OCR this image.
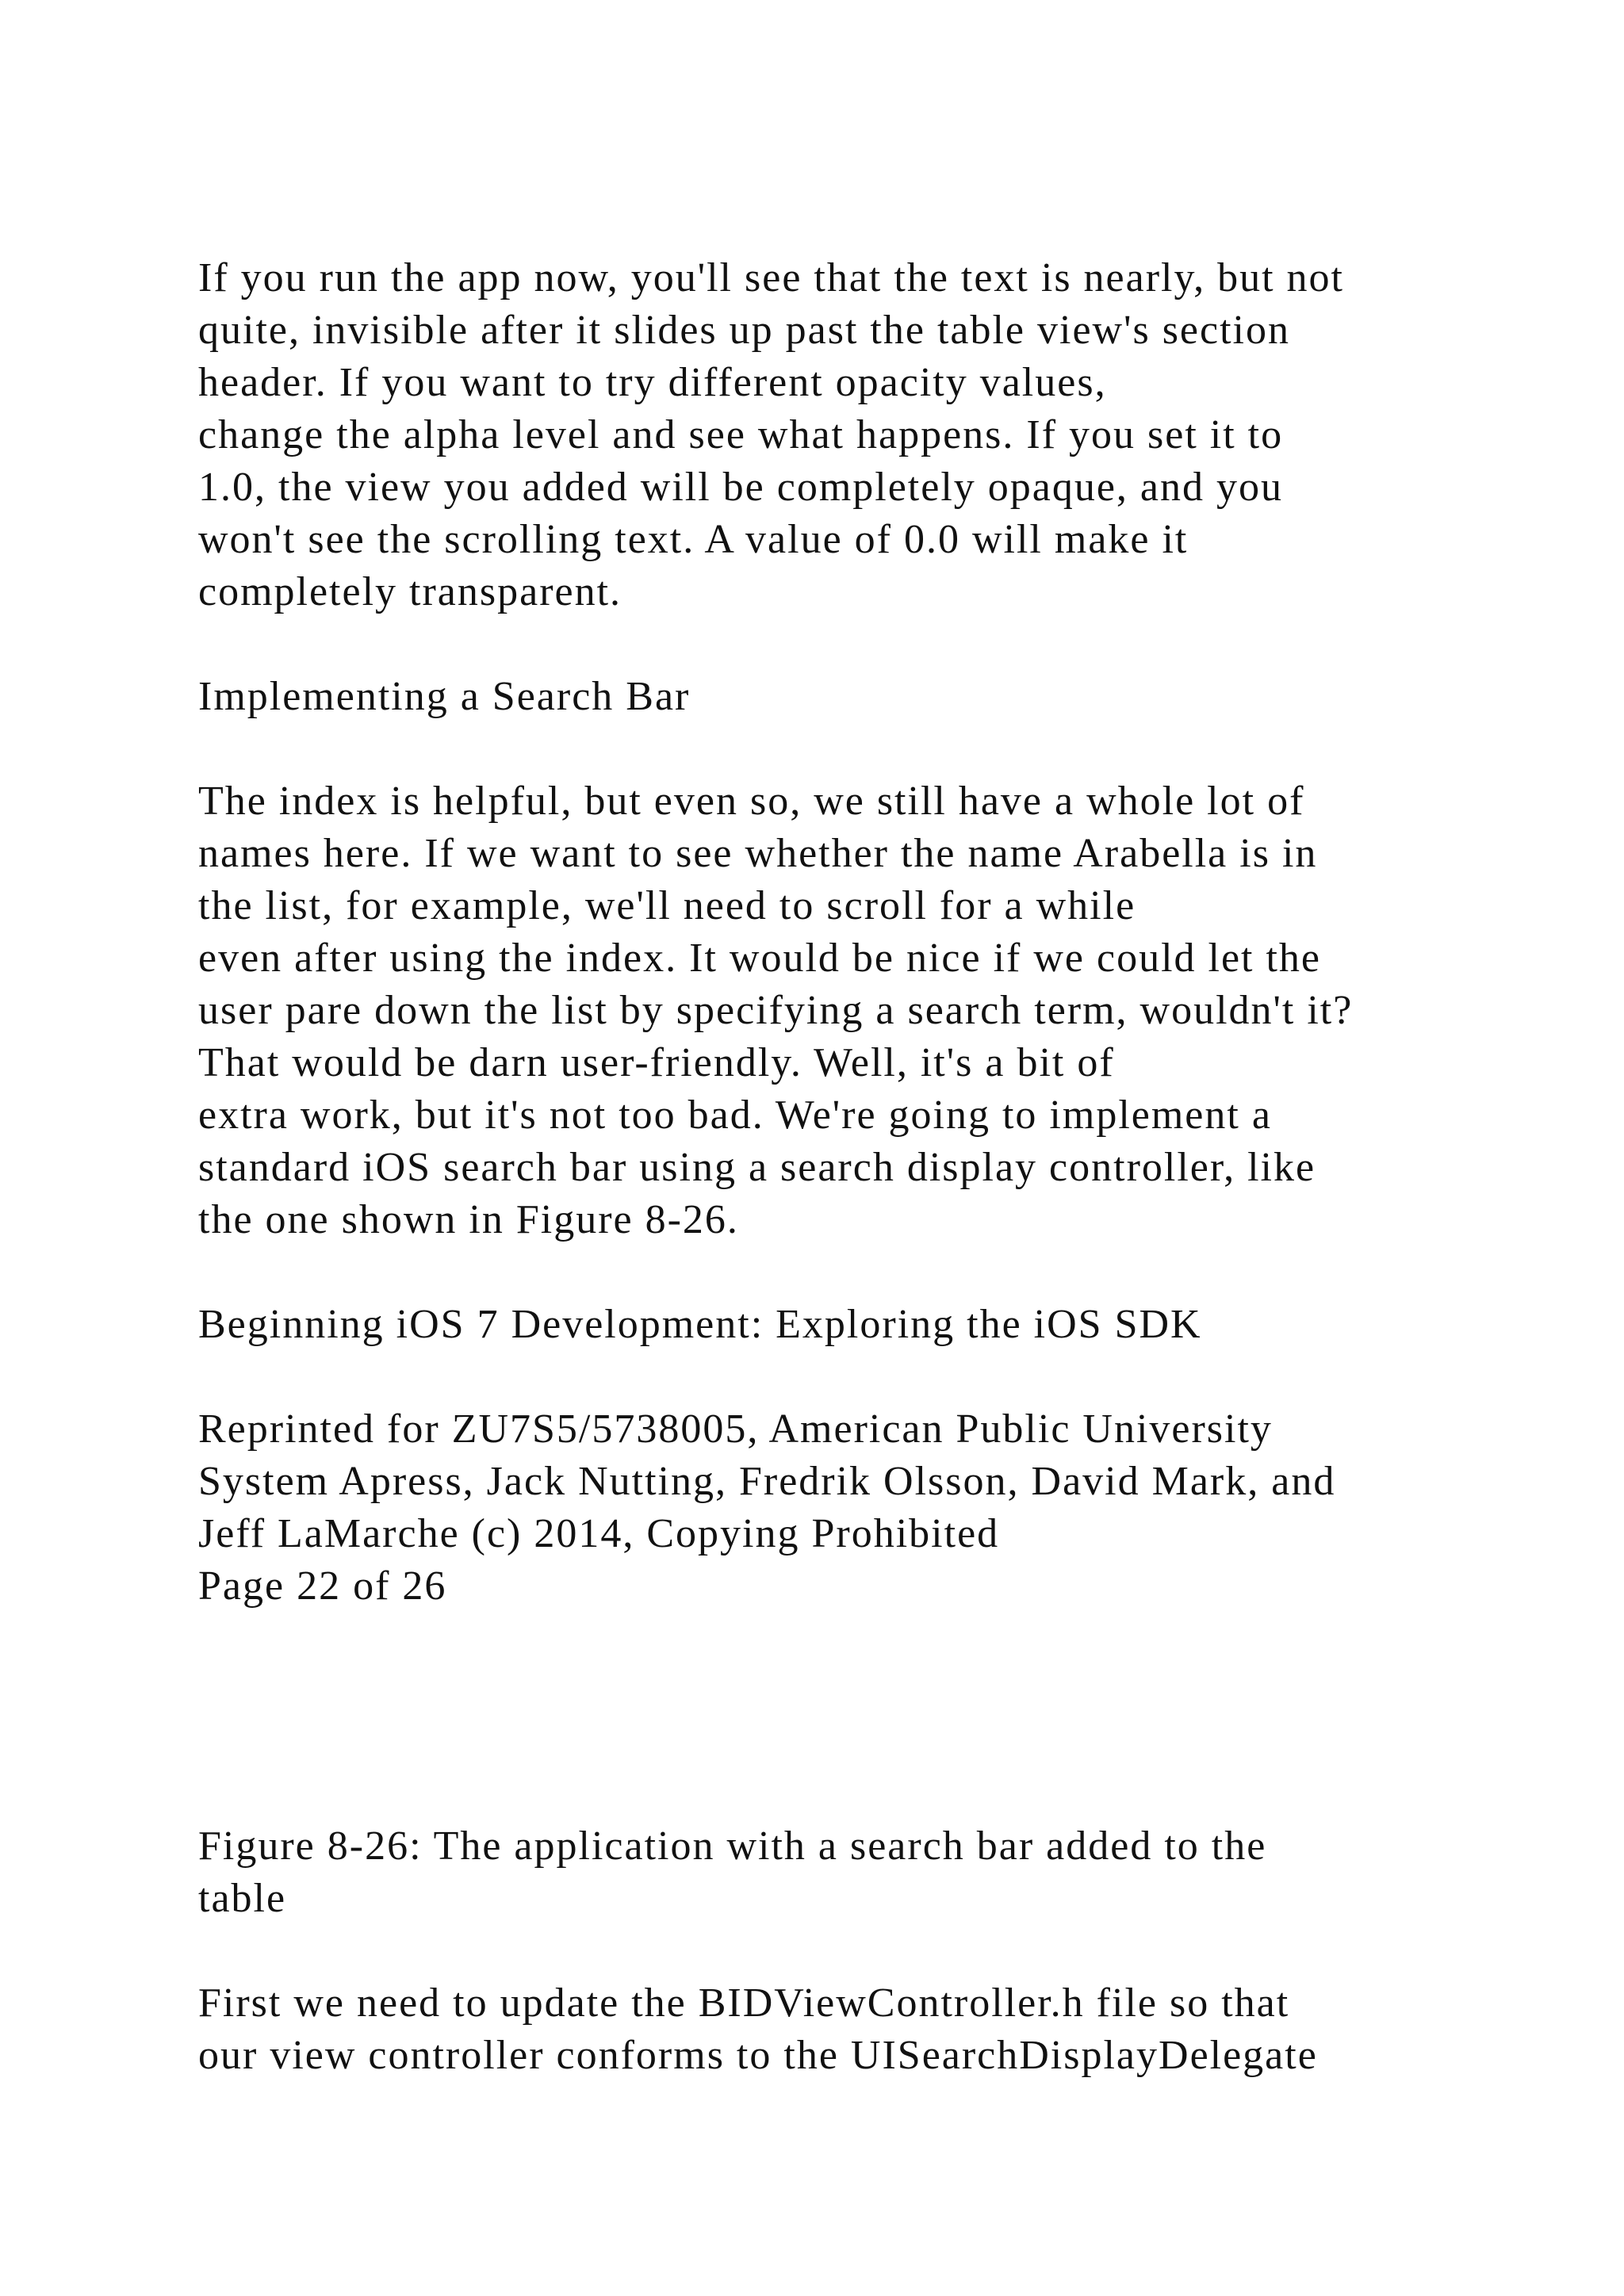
If you run the app now, you'll see that the text is nearly, but not

quite, invisible after it slides up past the table view's section

header. If you want to try different opacity values,

change the alpha level and see what happens. If you set it to

1.0, the view you added will be completely opaque, and you

won't see the scrolling text. A value of 0.0 will make it

completely transparent.

Implementing a Search Bar

The index is helpful, but even so, we still have a whole lot of

names here. If we want to see whether the name Arabella is in

the list, for example, we'll need to scroll for a while

even after using the index. It would be nice if we could let the

user pare down the list by specifying a search term, wouldn't it?

That would be darn user-friendly. Well, it's a bit of

extra work, but it's not too bad. We're going to implement a

standard iOS search bar using a search display controller, like

the one shown in Figure 8-26.

Beginning iOS 7 Development: Exploring the iOS SDK

Reprinted for ZU7S5/5738005, American Public University

System Apress, Jack Nutting, Fredrik Olsson, David Mark, and

Jeff LaMarche (c) 2014, Copying Prohibited

Page 22 of 26

Figure 8-26: The application with a search bar added to the

table

First we need to update the BIDViewController.h file so that

our view controller conforms to the UISearchDisplayDelegate
